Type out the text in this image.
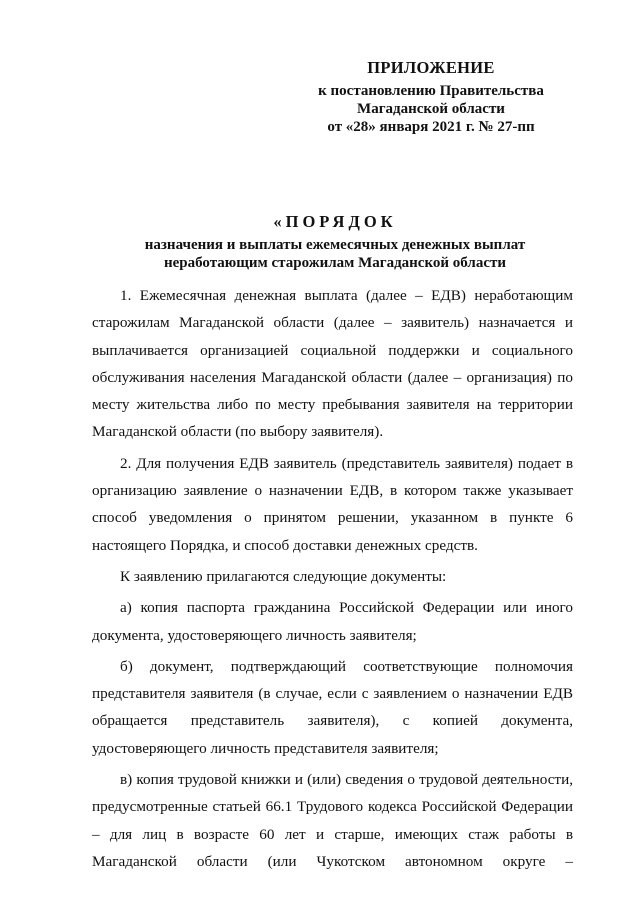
ПРИЛОЖЕНИЕ
к постановлению Правительства
Магаданской области
от «28» января 2021 г. № 27-пп
«ПОРЯДОК
назначения и выплаты ежемесячных денежных выплат
неработающим старожилам Магаданской области

1. Ежемесячная денежная выплата (далее – ЕДВ) неработающим старожилам Магаданской области (далее – заявитель) назначается и выплачивается организацией социальной поддержки и социального обслуживания населения Магаданской области (далее – организация) по месту жительства либо по месту пребывания заявителя на территории Магаданской области (по выбору заявителя).

2. Для получения ЕДВ заявитель (представитель заявителя) подает в организацию заявление о назначении ЕДВ, в котором также указывает способ уведомления о принятом решении, указанном в пункте 6 настоящего Порядка, и способ доставки денежных средств.

К заявлению прилагаются следующие документы:

а) копия паспорта гражданина Российской Федерации или иного документа, удостоверяющего личность заявителя;

б) документ, подтверждающий соответствующие полномочия представителя заявителя (в случае, если с заявлением о назначении ЕДВ обращается представитель заявителя), с копией документа, удостоверяющего личность представителя заявителя;

в) копия трудовой книжки и (или) сведения о трудовой деятельности, предусмотренные статьей 66.1 Трудового кодекса Российской Федерации – для лиц в возрасте 60 лет и старше, имеющих стаж работы в Магаданской области (или Чукотском автономном округе –
